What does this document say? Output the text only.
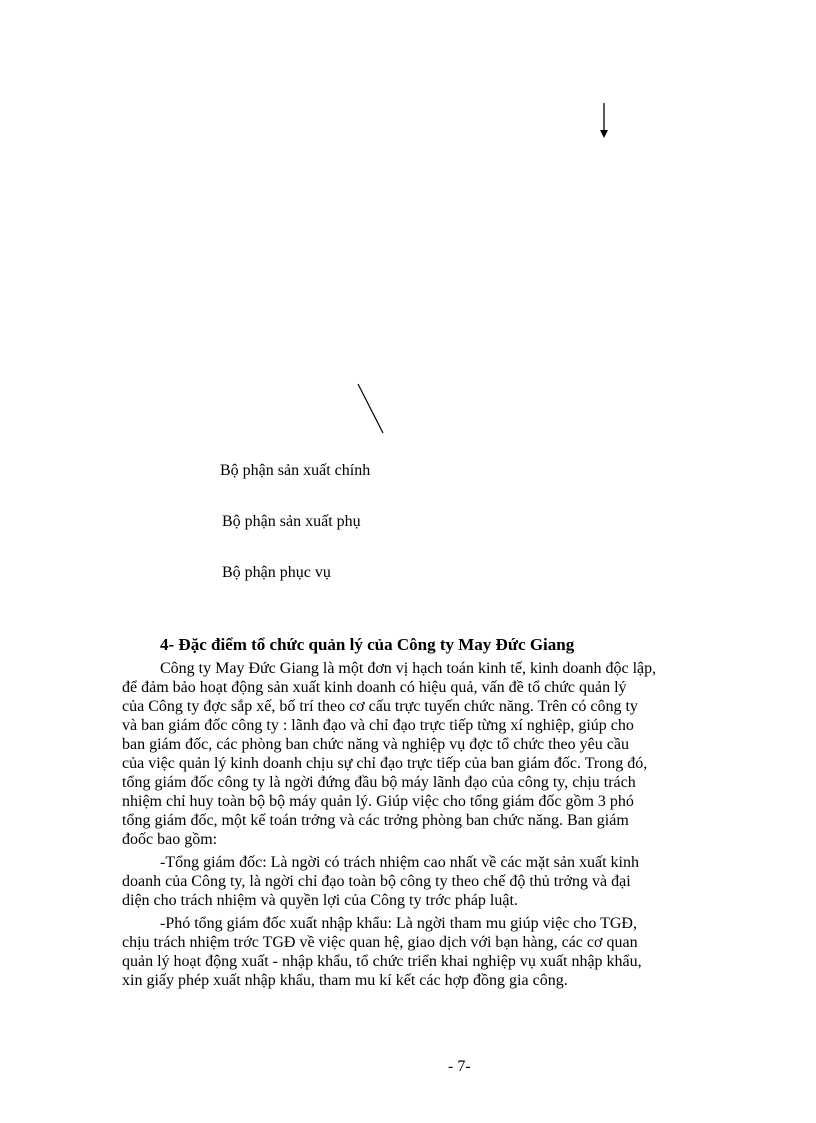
Bộ phận sản xuất chính
Bộ phận sản xuất phụ
Bộ phận phục vụ
4- Đặc điểm tổ chức quản lý của Công ty May Đức Giang
Công ty May Đức Giang là một đơn vị hạch toán kinh tế, kinh doanh độc lập,
để đảm bảo hoạt động sản xuất kinh doanh có hiệu quả, vấn đề tổ chức quản lý
của Công ty đợc sắp xế, bố trí theo cơ cấu trực tuyến chức năng. Trên có công ty
và ban giám đốc công ty : lãnh đạo và chỉ đạo trực tiếp từng xí nghiệp, giúp cho
ban giám đốc, các phòng ban chức năng và nghiệp vụ đợc tổ chức theo yêu cầu
của việc quản lý kinh doanh chịu sự chỉ đạo trực tiếp của ban giám đốc. Trong đó,
tổng giám đốc công ty là ngời đứng đầu bộ máy lãnh đạo của công ty, chịu trách
nhiệm chỉ huy toàn bộ bộ máy quản lý. Giúp việc cho tổng giám đốc gồm 3 phó
tổng giám đốc, một kế toán trởng và các trởng phòng ban chức năng. Ban giám
đoốc bao gồm:
-Tổng giám đốc: Là ngời có trách nhiệm cao nhất về các mặt sản xuất kinh
doanh của Công ty, là ngời chỉ đạo toàn bộ công ty theo chế độ thủ trởng và đại
diện cho trách nhiệm và quyền lợi của Công ty trớc pháp luật.
-Phó tổng giám đốc xuất nhập khẩu: Là ngời tham mu giúp việc cho TGĐ,
chịu trách nhiệm trớc TGĐ về việc quan hệ, giao dịch với bạn hàng, các cơ quan
quản lý hoạt động xuất - nhập khẩu, tổ chức triển khai nghiệp vụ xuất nhập khẩu,
xin giấy phép xuất nhập khẩu, tham mu kí kết các hợp đồng gia công.
- 7-
